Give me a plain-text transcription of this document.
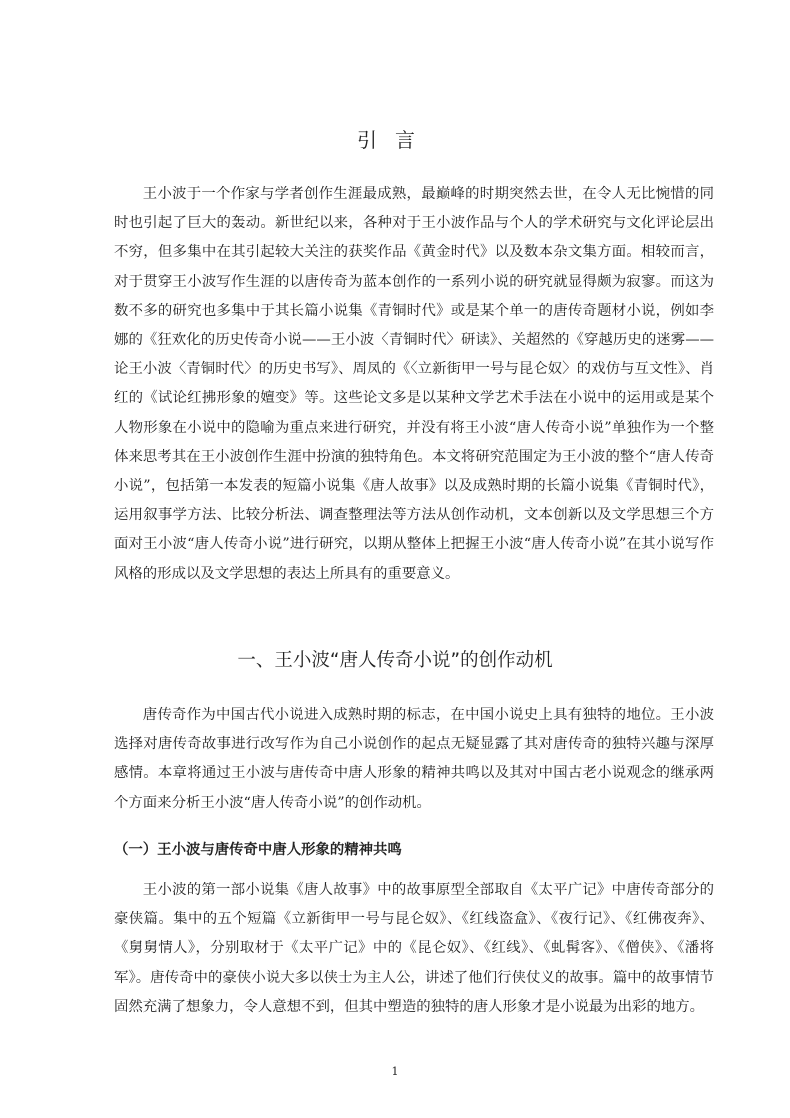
引言

王小波于一个作家与学者创作生涯最成熟，最巅峰的时期突然去世，在令人无比惋惜的同时也引起了巨大的轰动。新世纪以来，各种对于王小波作品与个人的学术研究与文化评论层出不穷，但多集中在其引起较大关注的获奖作品《黄金时代》以及数本杂文集方面。相较而言，对于贯穿王小波写作生涯的以唐传奇为蓝本创作的一系列小说的研究就显得颇为寂寥。而这为数不多的研究也多集中于其长篇小说集《青铜时代》或是某个单一的唐传奇题材小说，例如李娜的《狂欢化的历史传奇小说——王小波〈青铜时代〉研读》、关超然的《穿越历史的迷雾——论王小波〈青铜时代〉的历史书写》、周凤的《〈立新街甲一号与昆仑奴〉的戏仿与互文性》、肖红的《试论红拂形象的嬗变》等。这些论文多是以某种文学艺术手法在小说中的运用或是某个人物形象在小说中的隐喻为重点来进行研究，并没有将王小波“唐人传奇小说”单独作为一个整体来思考其在王小波创作生涯中扮演的独特角色。本文将研究范围定为王小波的整个“唐人传奇小说”，包括第一本发表的短篇小说集《唐人故事》以及成熟时期的长篇小说集《青铜时代》，运用叙事学方法、比较分析法、调查整理法等方法从创作动机，文本创新以及文学思想三个方面对王小波“唐人传奇小说”进行研究，以期从整体上把握王小波“唐人传奇小说”在其小说写作风格的形成以及文学思想的表达上所具有的重要意义。

一、王小波“唐人传奇小说”的创作动机

唐传奇作为中国古代小说进入成熟时期的标志，在中国小说史上具有独特的地位。王小波选择对唐传奇故事进行改写作为自己小说创作的起点无疑显露了其对唐传奇的独特兴趣与深厚感情。本章将通过王小波与唐传奇中唐人形象的精神共鸣以及其对中国古老小说观念的继承两个方面来分析王小波“唐人传奇小说”的创作动机。

（一）王小波与唐传奇中唐人形象的精神共鸣

王小波的第一部小说集《唐人故事》中的故事原型全部取自《太平广记》中唐传奇部分的豪侠篇。集中的五个短篇《立新街甲一号与昆仑奴》、《红线盗盒》、《夜行记》、《红佛夜奔》、《舅舅情人》，分别取材于《太平广记》中的《昆仑奴》、《红线》、《虬髯客》、《僧侠》、《潘将军》。唐传奇中的豪侠小说大多以侠士为主人公，讲述了他们行侠仗义的故事。篇中的故事情节固然充满了想象力，令人意想不到，但其中塑造的独特的唐人形象才是小说最为出彩的地方。

1
